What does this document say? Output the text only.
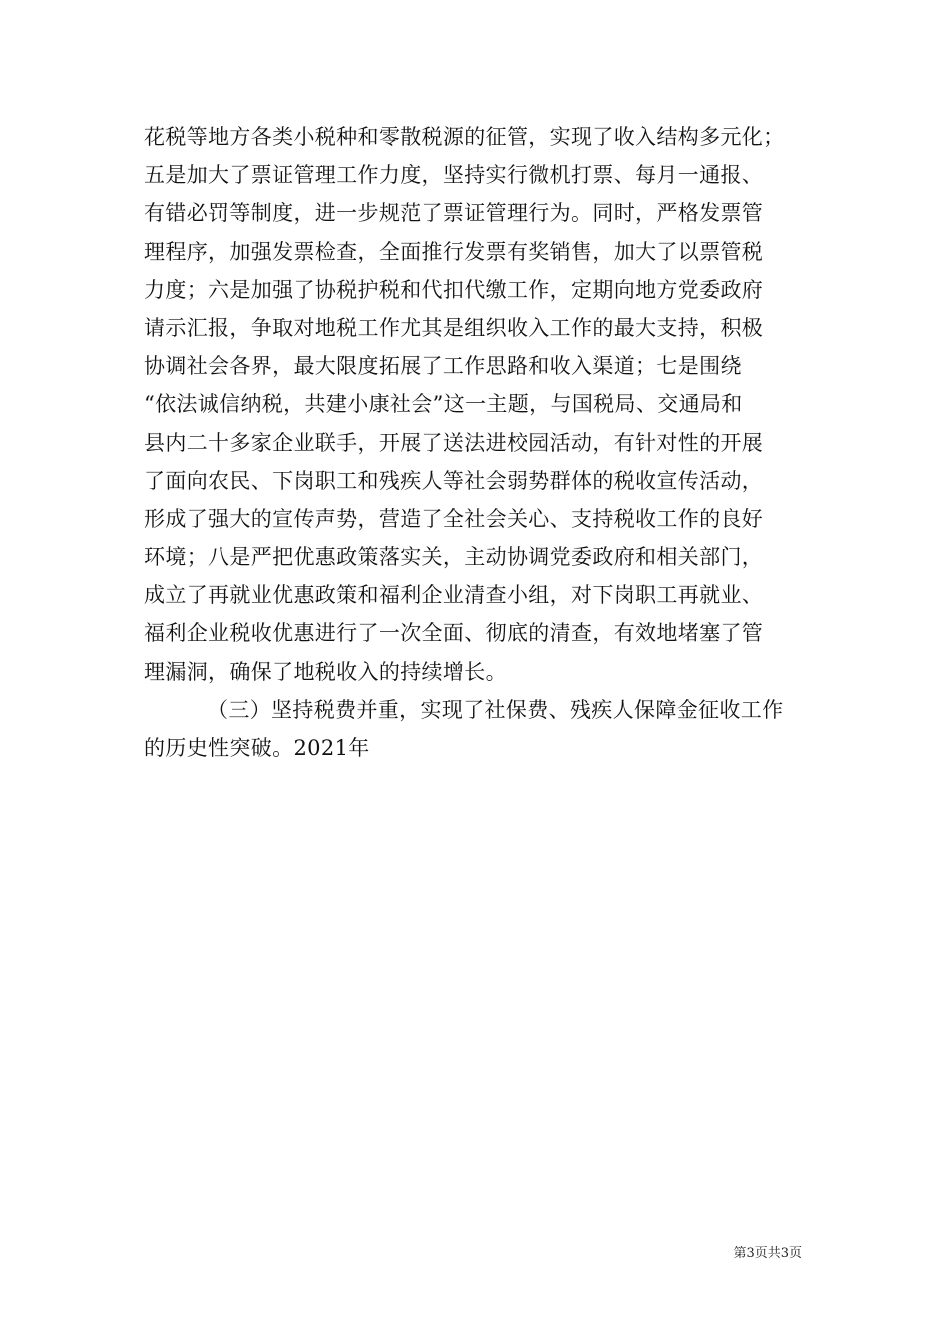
花税等地方各类小税种和零散税源的征管，实现了收入结构多元化；
五是加大了票证管理工作力度，坚持实行微机打票、每月一通报、
有错必罚等制度，进一步规范了票证管理行为。同时，严格发票管
理程序，加强发票检查，全面推行发票有奖销售，加大了以票管税
力度；六是加强了协税护税和代扣代缴工作，定期向地方党委政府
请示汇报，争取对地税工作尤其是组织收入工作的最大支持，积极
协调社会各界，最大限度拓展了工作思路和收入渠道；七是围绕
“依法诚信纳税，共建小康社会”这一主题，与国税局、交通局和
县内二十多家企业联手，开展了送法进校园活动，有针对性的开展
了面向农民、下岗职工和残疾人等社会弱势群体的税收宣传活动，
形成了强大的宣传声势，营造了全社会关心、支持税收工作的良好
环境；八是严把优惠政策落实关，主动协调党委政府和相关部门，
成立了再就业优惠政策和福利企业清查小组，对下岗职工再就业、
福利企业税收优惠进行了一次全面、彻底的清查，有效地堵塞了管
理漏洞，确保了地税收入的持续增长。
（三）坚持税费并重，实现了社保费、残疾人保障金征收工作
的历史性突破。2021年
第3页共3页
